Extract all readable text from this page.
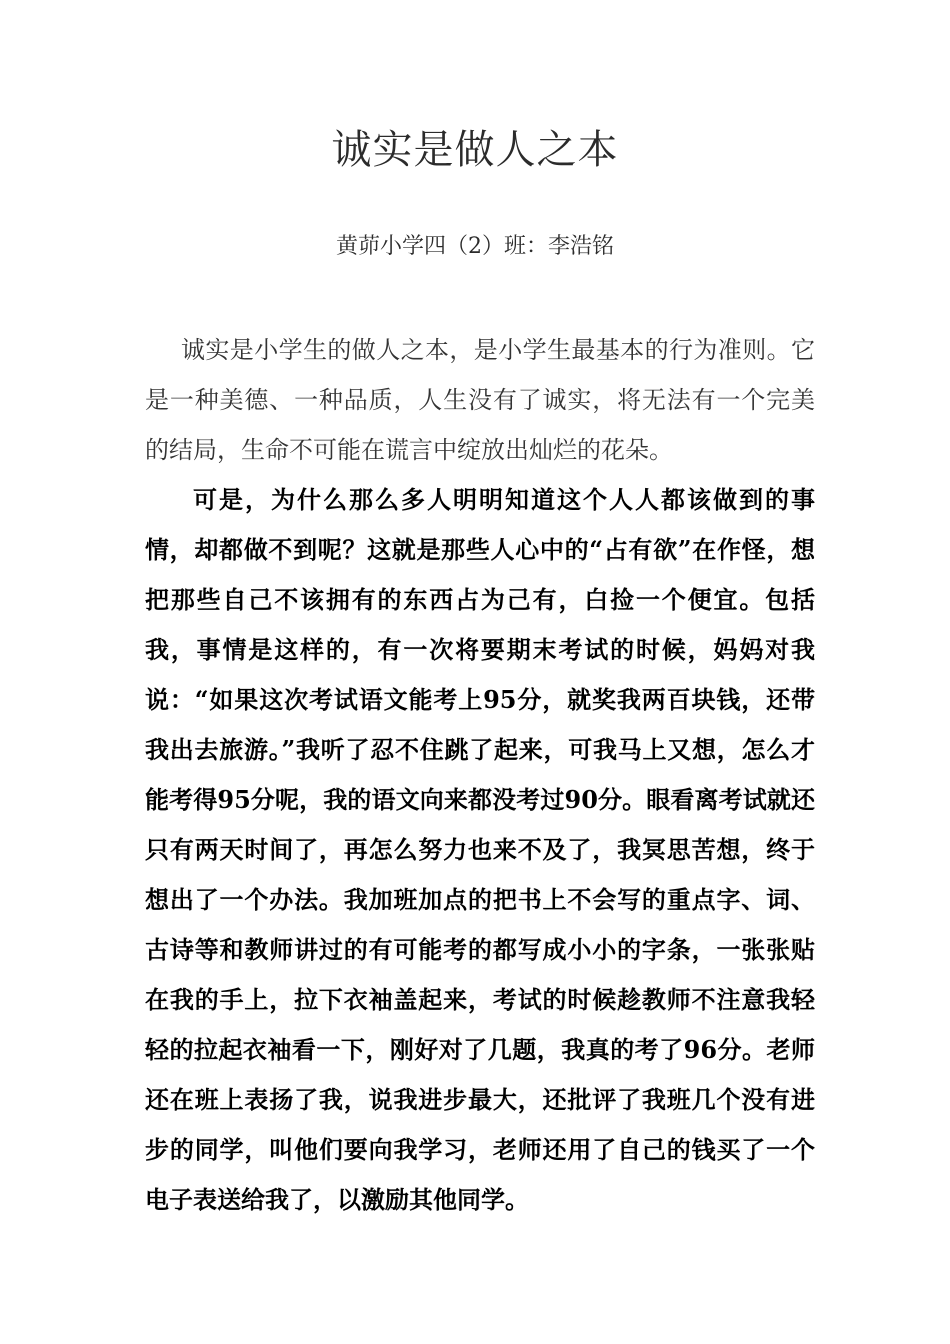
诚实是做人之本
黄茆小学四（2）班：李浩铭

诚实是小学生的做人之本，是小学生最基本的行为准则。它是一种美德、一种品质，人生没有了诚实，将无法有一个完美的结局，生命不可能在谎言中绽放出灿烂的花朵。

可是，为什么那么多人明明知道这个人人都该做到的事情，却都做不到呢？这就是那些人心中的“占有欲”在作怪，想把那些自己不该拥有的东西占为己有，白捡一个便宜。包括我，事情是这样的，有一次将要期末考试的时候，妈妈对我说：“如果这次考试语文能考上95分，就奖我两百块钱，还带我出去旅游。”我听了忍不住跳了起来，可我马上又想，怎么才能考得95分呢，我的语文向来都没考过90分。眼看离考试就还只有两天时间了，再怎么努力也来不及了，我冥思苦想，终于想出了一个办法。我加班加点的把书上不会写的重点字、词、古诗等和教师讲过的有可能考的都写成小小的字条，一张张贴在我的手上，拉下衣袖盖起来，考试的时候趁教师不注意我轻轻的拉起衣袖看一下，刚好对了几题，我真的考了96分。老师还在班上表扬了我，说我进步最大，还批评了我班几个没有进步的同学，叫他们要向我学习，老师还用了自己的钱买了一个电子表送给我了，以激励其他同学。
